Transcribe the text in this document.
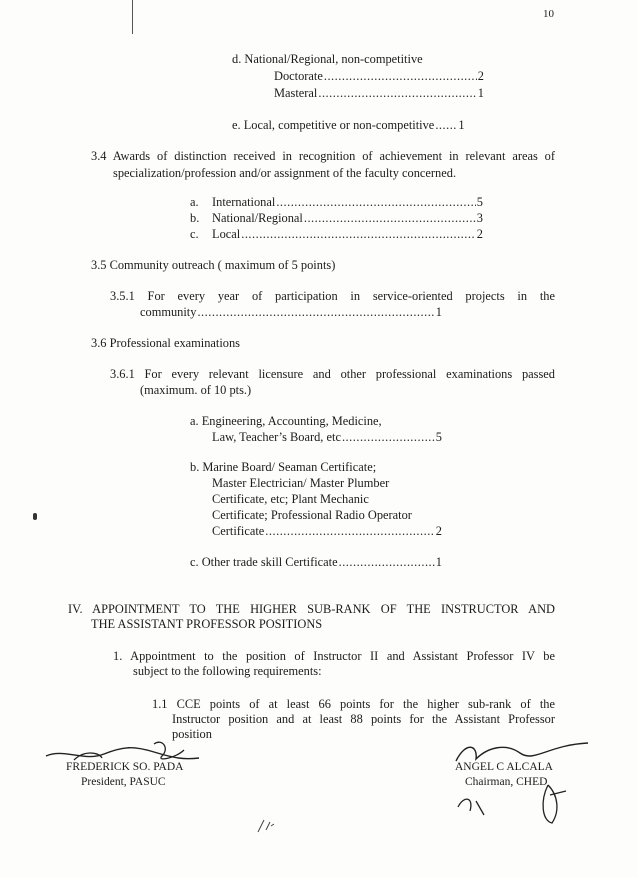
10
d. National/Regional, non-competitive
Doctorate .....	2
Masteral .....	1
e. Local, competitive or non-competitive ..... 1
3.4 Awards of distinction received in recognition of achievement in relevant areas of
specialization/profession and/or assignment of the faculty concerned.
a. International .....	5
b. National/Regional .....	3
c. Local .....	2
3.5 Community outreach ( maximum of 5 points)
3.5.1 For every year of participation in service-oriented projects in the
community .....	1
3.6 Professional examinations
3.6.1 For every relevant licensure and other professional examinations passed
(maximum. of 10 pts.)
a. Engineering, Accounting, Medicine,
Law, Teacher’s Board, etc .....	5
b. Marine Board/ Seaman Certificate;
Master Electrician/ Master Plumber
Certificate, etc; Plant Mechanic
Certificate; Professional Radio Operator
Certificate .....	2
c. Other trade skill Certificate .....	1
IV. APPOINTMENT TO THE HIGHER SUB-RANK OF THE INSTRUCTOR AND
THE ASSISTANT PROFESSOR POSITIONS
1. Appointment to the position of Instructor II and Assistant Professor IV be
subject to the following requirements:
1.1 CCE points of at least 66 points for the higher sub-rank of the
Instructor position and at least 88 points for the Assistant Professor
position
FREDERICK SO. PADA
President, PASUC
ANGEL C ALCALA
Chairman, CHED
